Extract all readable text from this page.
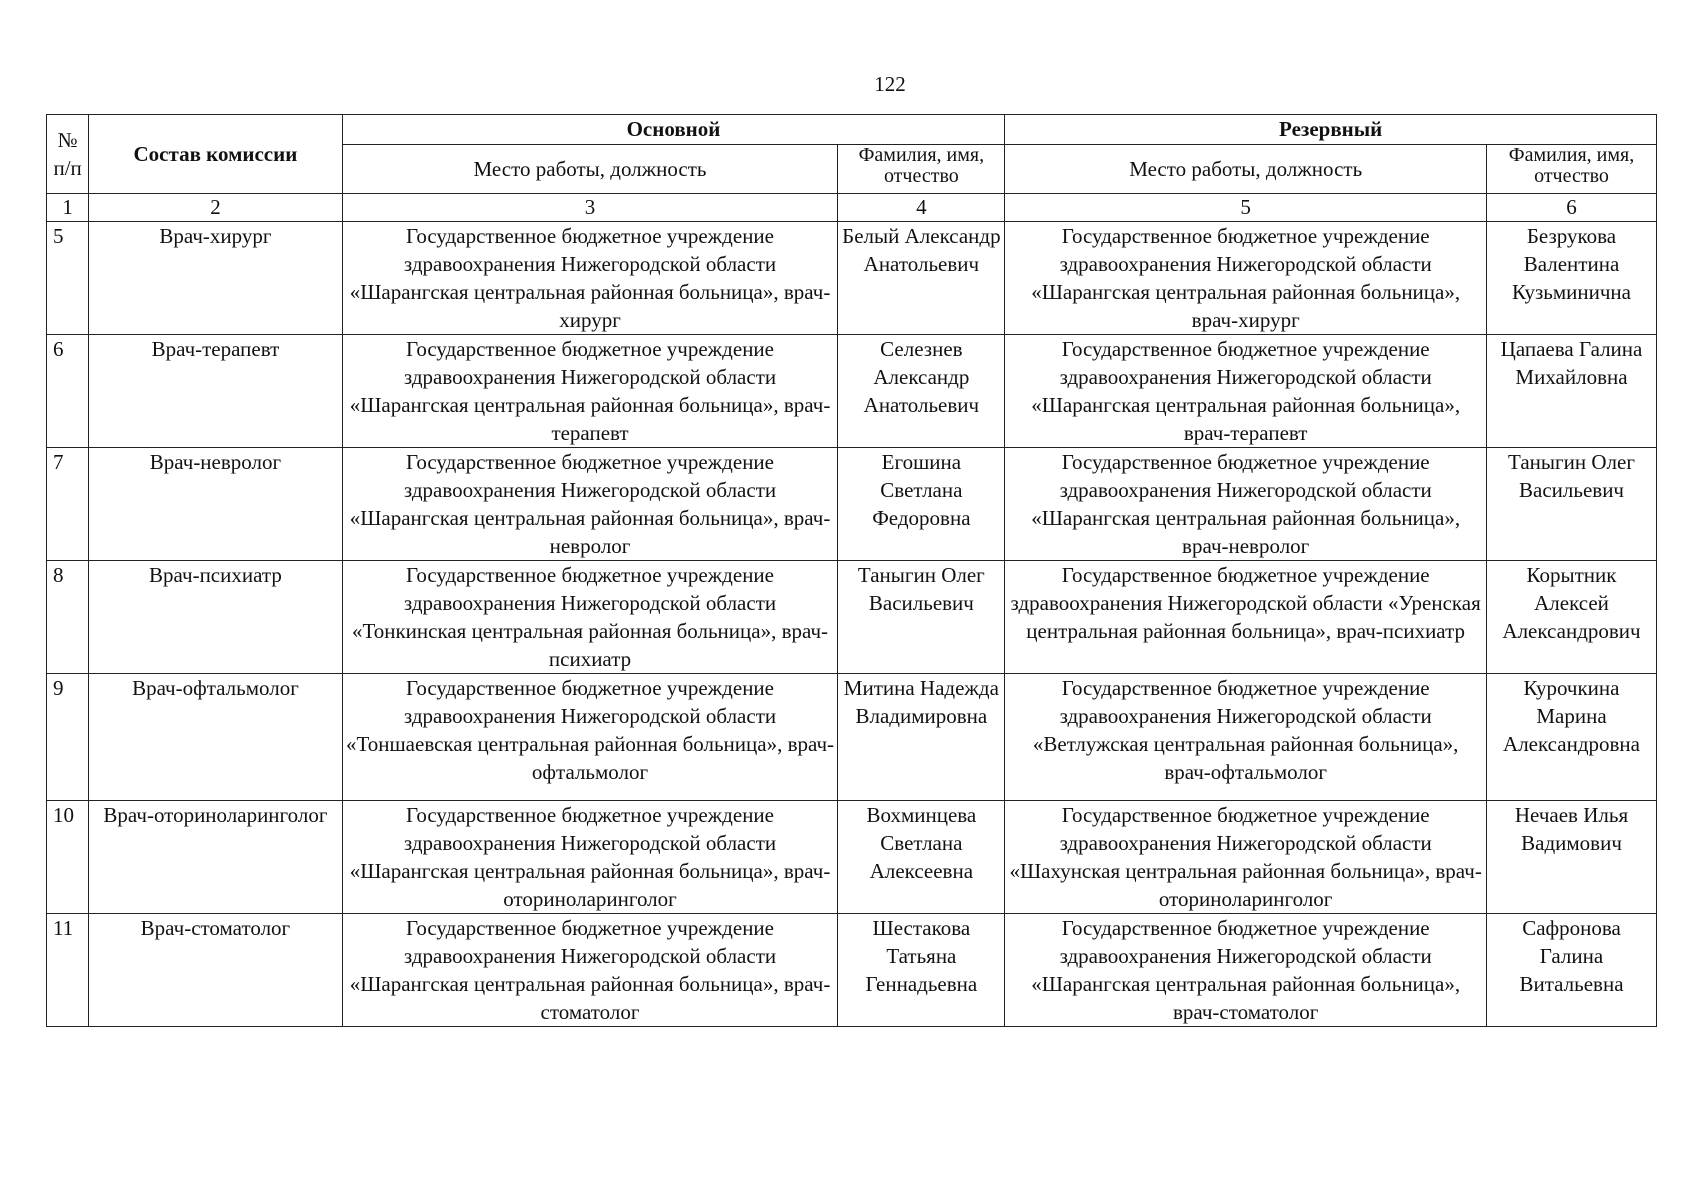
122
№ п/п	Состав комиссии	Основной		Резервный	
		Место работы, должность	Фамилия, имя, отчество	Место работы, должность	Фамилия, имя, отчество
1	2	3	4	5	6
5	Врач-хирург	Государственное бюджетное учреждение здравоохранения Нижегородской области «Шарангская центральная районная больница», врач-хирург	Белый Александр Анатольевич	Государственное бюджетное учреждение здравоохранения Нижегородской области «Шарангская центральная районная больница», врач-хирург	Безрукова Валентина Кузьминична
6	Врач-терапевт	Государственное бюджетное учреждение здравоохранения Нижегородской области «Шарангская центральная районная больница», врач-терапевт	Селезнев Александр Анатольевич	Государственное бюджетное учреждение здравоохранения Нижегородской области «Шарангская центральная районная больница», врач-терапевт	Цапаева Галина Михайловна
7	Врач-невролог	Государственное бюджетное учреждение здравоохранения Нижегородской области «Шарангская центральная районная больница», врач-невролог	Егошина Светлана Федоровна	Государственное бюджетное учреждение здравоохранения Нижегородской области «Шарангская центральная районная больница», врач-невролог	Таныгин Олег Васильевич
8	Врач-психиатр	Государственное бюджетное учреждение здравоохранения Нижегородской области «Тонкинская центральная районная больница», врач-психиатр	Таныгин Олег Васильевич	Государственное бюджетное учреждение здравоохранения Нижегородской области «Уренская центральная районная больница», врач-психиатр	Корытник Алексей Александрович
9	Врач-офтальмолог	Государственное бюджетное учреждение здравоохранения Нижегородской области «Тоншаевская центральная районная больница», врач-офтальмолог	Митина Надежда Владимировна	Государственное бюджетное учреждение здравоохранения Нижегородской области «Ветлужская центральная районная больница», врач-офтальмолог	Курочкина Марина Александровна
10	Врач-оториноларинголог	Государственное бюджетное учреждение здравоохранения Нижегородской области «Шарангская центральная районная больница», врач-оториноларинголог	Вохминцева Светлана Алексеевна	Государственное бюджетное учреждение здравоохранения Нижегородской области «Шахунская центральная районная больница», врач-оториноларинголог	Нечаев Илья Вадимович
11	Врач-стоматолог	Государственное бюджетное учреждение здравоохранения Нижегородской области «Шарангская центральная районная больница», врач-стоматолог	Шестакова Татьяна Геннадьевна	Государственное бюджетное учреждение здравоохранения Нижегородской области «Шарангская центральная районная больница», врач-стоматолог	Сафронова Галина Витальевна
